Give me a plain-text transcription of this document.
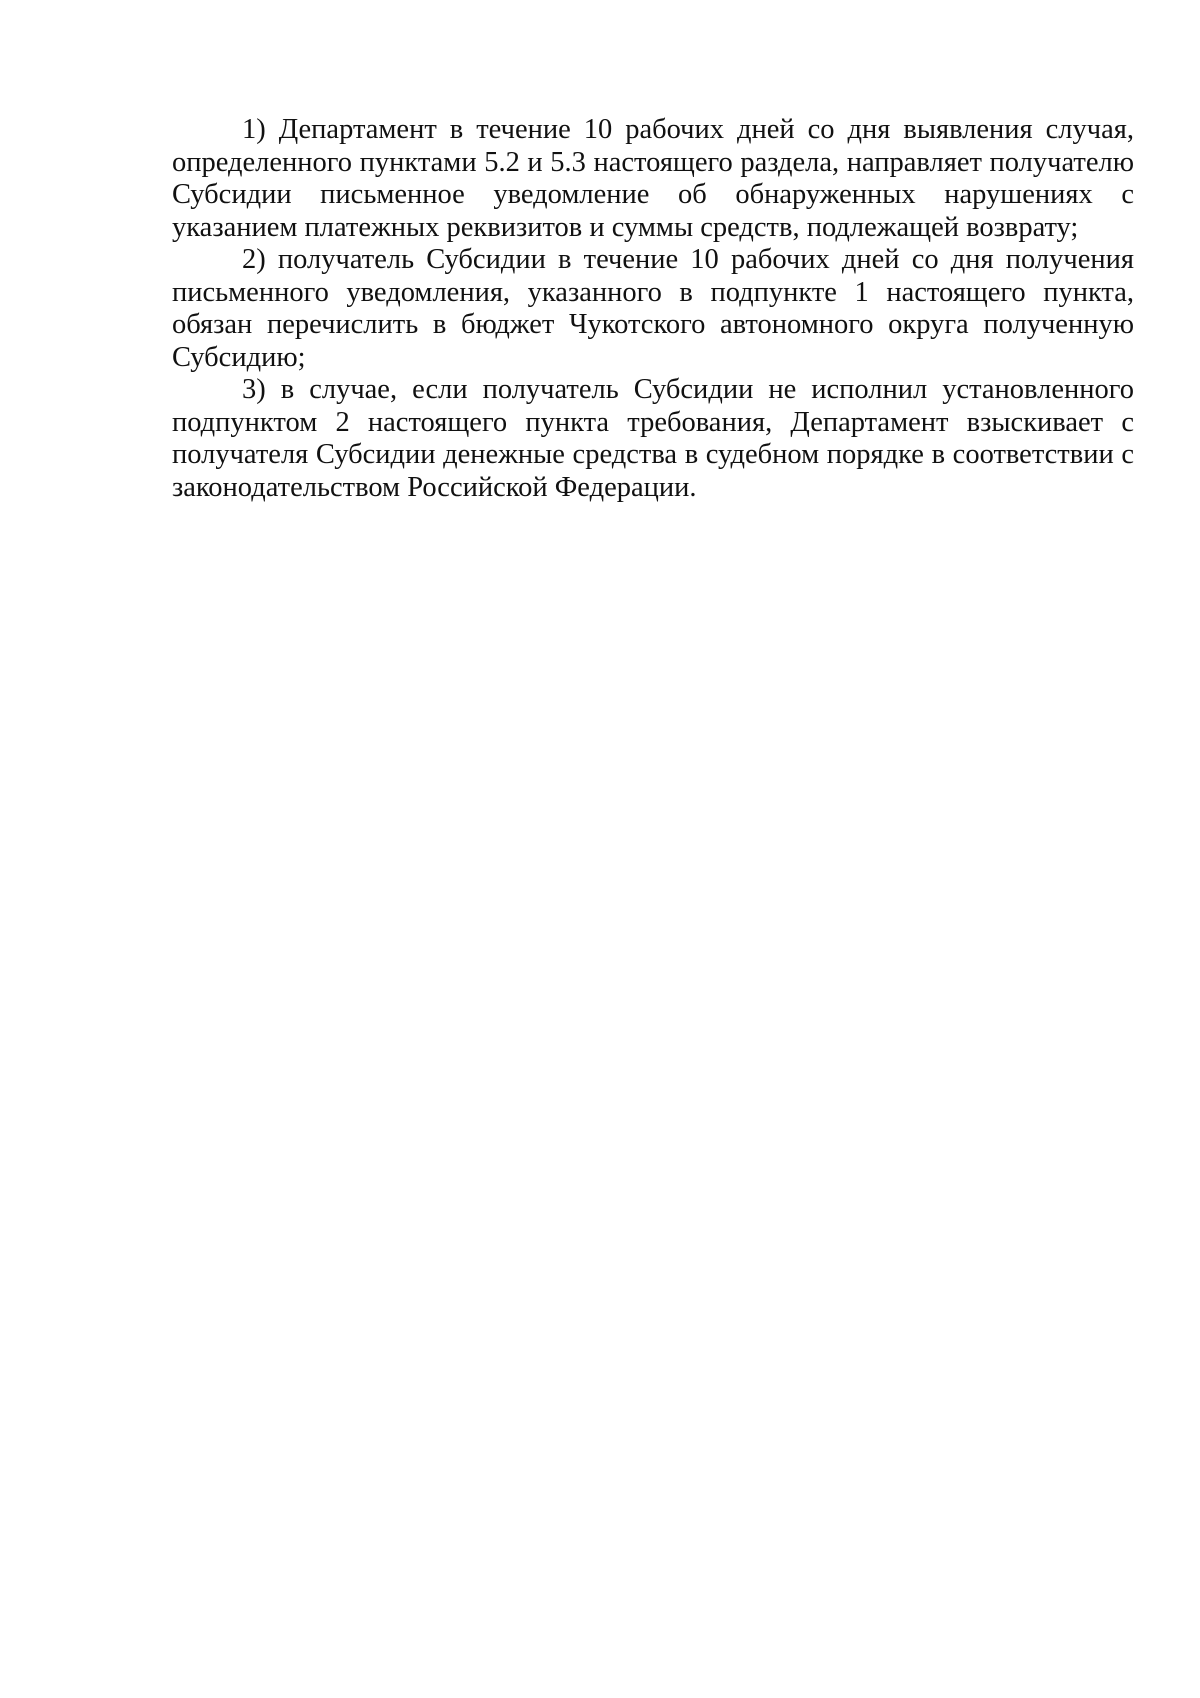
1) Департамент в течение 10 рабочих дней со дня выявления случая, определенного пунктами 5.2 и 5.3 настоящего раздела, направляет получателю Субсидии письменное уведомление об обнаруженных нарушениях с указанием платежных реквизитов и суммы средств, подлежащей возврату;

2) получатель Субсидии в течение 10 рабочих дней со дня получения письменного уведомления, указанного в подпункте 1 настоящего пункта, обязан перечислить в бюджет Чукотского автономного округа полученную Субсидию;

3) в случае, если получатель Субсидии не исполнил установленного подпунктом 2 настоящего пункта требования, Департамент взыскивает с получателя Субсидии денежные средства в судебном порядке в соответствии с законодательством Российской Федерации.
